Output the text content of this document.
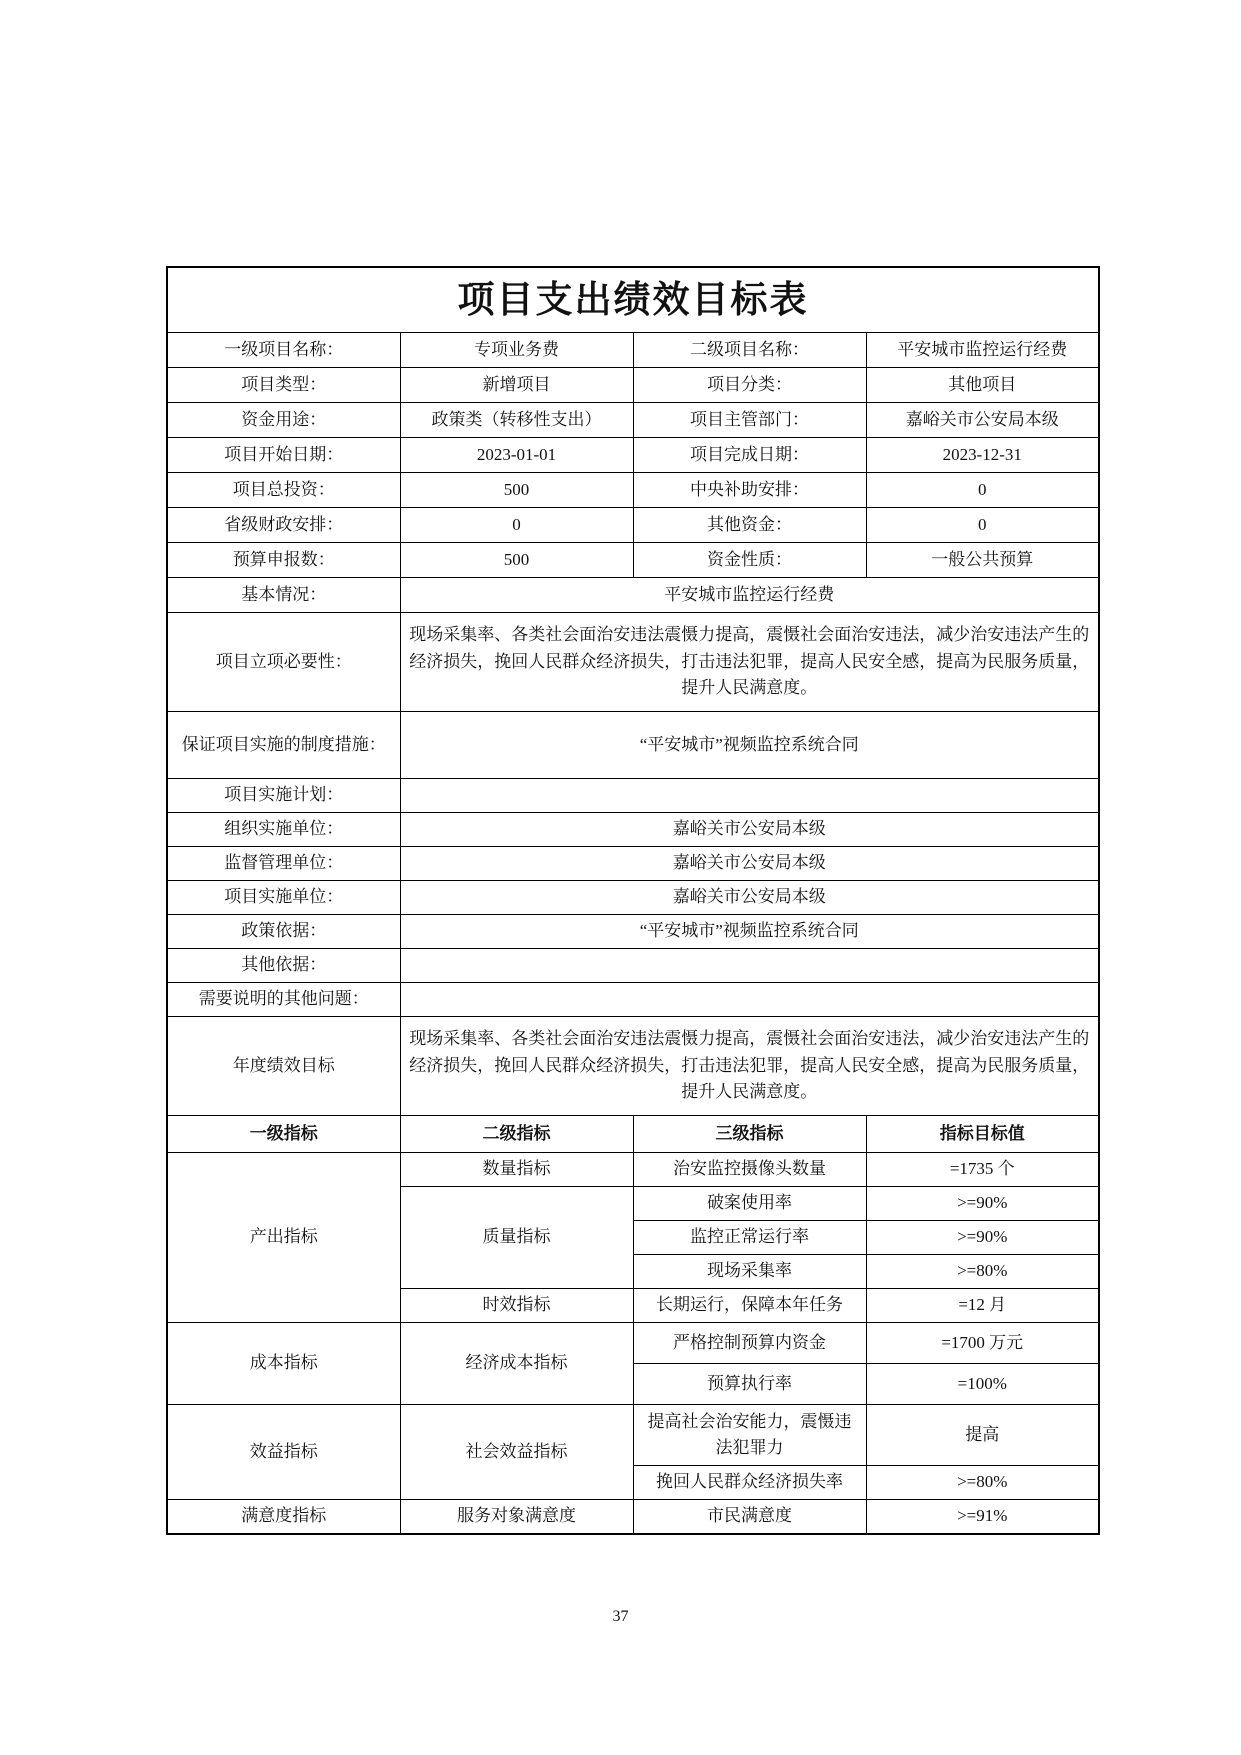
项目支出绩效目标表			
一级项目名称：	专项业务费	二级项目名称：	平安城市监控运行经费
项目类型：	新增项目	项目分类：	其他项目
资金用途：	政策类（转移性支出）	项目主管部门：	嘉峪关市公安局本级
项目开始日期：	2023-01-01	项目完成日期：	2023-12-31
项目总投资：	500	中央补助安排：	0
省级财政安排：	0	其他资金：	0
预算申报数：	500	资金性质：	一般公共预算
基本情况：	平安城市监控运行经费		
项目立项必要性：	现场采集率、各类社会面治安违法震慑力提高，震慑社会面治安违法，减少治安违法产生的经济损失，挽回人民群众经济损失，打击违法犯罪，提高人民安全感，提高为民服务质量，提升人民满意度。		
保证项目实施的制度措施：	“平安城市”视频监控系统合同		
项目实施计划：			
组织实施单位：	嘉峪关市公安局本级		
监督管理单位：	嘉峪关市公安局本级		
项目实施单位：	嘉峪关市公安局本级		
政策依据：	“平安城市”视频监控系统合同		
其他依据：			
需要说明的其他问题：			
年度绩效目标	现场采集率、各类社会面治安违法震慑力提高，震慑社会面治安违法，减少治安违法产生的经济损失，挽回人民群众经济损失，打击违法犯罪，提高人民安全感，提高为民服务质量，提升人民满意度。		
一级指标	二级指标	三级指标	指标目标值
产出指标	数量指标	治安监控摄像头数量	=1735 个
	质量指标	破案使用率	>=90%
		监控正常运行率	>=90%
		现场采集率	>=80%
	时效指标	长期运行，保障本年任务	=12 月
成本指标	经济成本指标	严格控制预算内资金	=1700 万元
		预算执行率	=100%
效益指标	社会效益指标	提高社会治安能力，震慑违法犯罪力	提高
		挽回人民群众经济损失率	>=80%
满意度指标	服务对象满意度	市民满意度	>=91%
37
